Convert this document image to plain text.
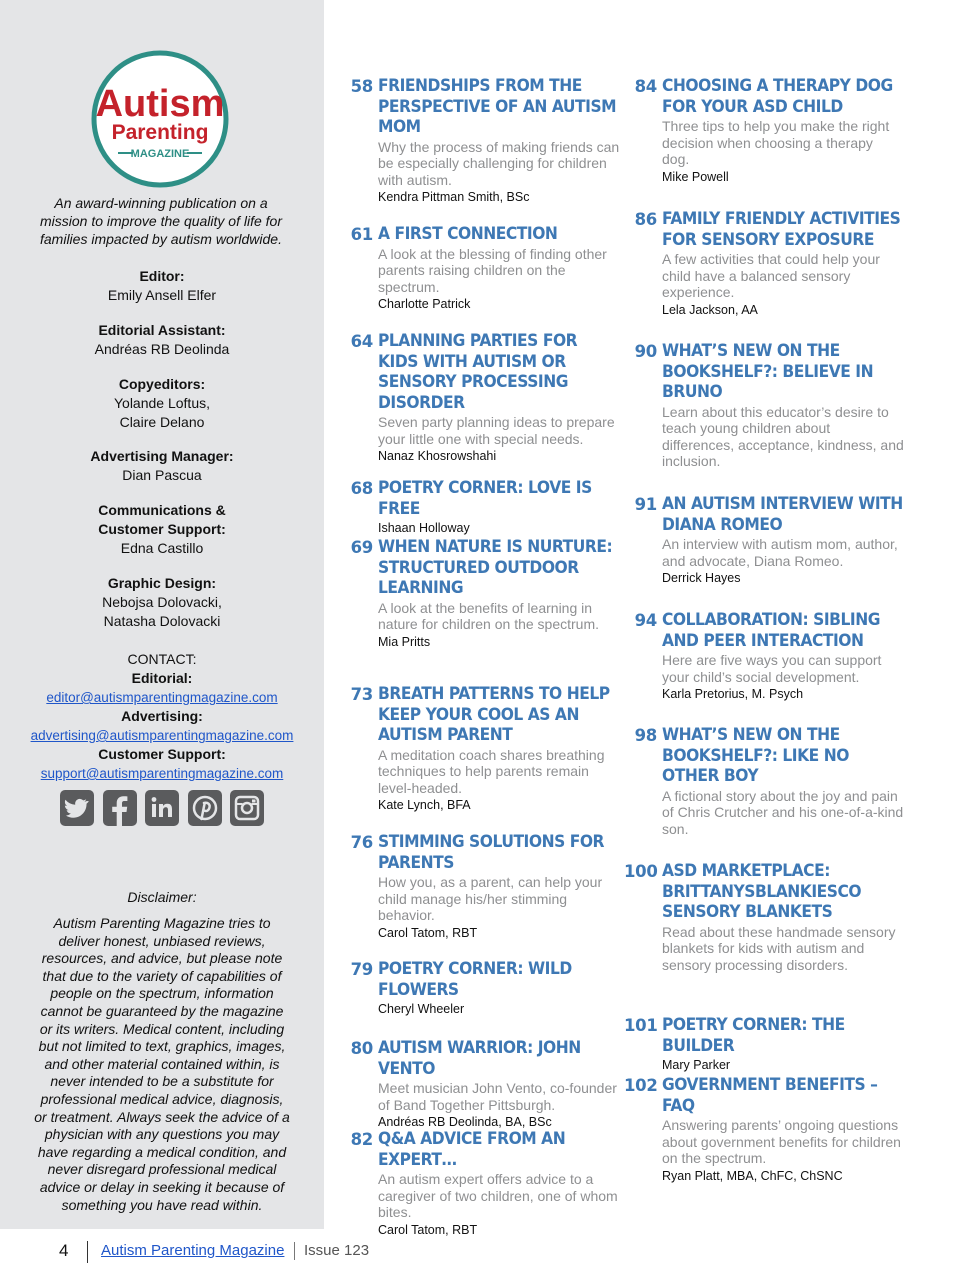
Autism
Parenting
MAGAZINE
An award-winning publication on a mission to improve the quality of life for families impacted by autism worldwide.
Editor:
Emily Ansell Elfer
Editorial Assistant:
Andréas RB Deolinda
Copyeditors:
Yolande Loftus,
Claire Delano
Advertising Manager:
Dian Pascua
Communications &
Customer Support:
Edna Castillo
Graphic Design:
Nebojsa Dolovacki,
Natasha Dolovacki
CONTACT:
Editorial:
editor@autismparentingmagazine.com
Advertising:
advertising@autismparentingmagazine.com
Customer Support:
support@autismparentingmagazine.com
Disclaimer:
Autism Parenting Magazine tries to deliver honest, unbiased reviews, resources, and advice, but please note that due to the variety of capabilities of people on the spectrum, information cannot be guaranteed by the magazine or its writers. Medical content, including but not limited to text, graphics, images, and other material contained within, is never intended to be a substitute for professional medical advice, diagnosis, or treatment. Always seek the advice of a physician with any questions you may have regarding a medical condition, and never disregard professional medical advice or delay in seeking it because of something you have read within.
58 FRIENDSHIPS FROM THE PERSPECTIVE OF AN AUTISM MOM
Why the process of making friends can be especially challenging for children with autism.
Kendra Pittman Smith, BSc
61 A FIRST CONNECTION
A look at the blessing of finding other parents raising children on the spectrum.
Charlotte Patrick
64 PLANNING PARTIES FOR KIDS WITH AUTISM OR SENSORY PROCESSING DISORDER
Seven party planning ideas to prepare your little one with special needs.
Nanaz Khosrowshahi
68 POETRY CORNER: LOVE IS FREE
Ishaan Holloway
69 WHEN NATURE IS NURTURE: STRUCTURED OUTDOOR LEARNING
A look at the benefits of learning in nature for children on the spectrum.
Mia Pritts
73 BREATH PATTERNS TO HELP KEEP YOUR COOL AS AN AUTISM PARENT
A meditation coach shares breathing techniques to help parents remain level-headed.
Kate Lynch, BFA
76 STIMMING SOLUTIONS FOR PARENTS
How you, as a parent, can help your child manage his/her stimming behavior.
Carol Tatom, RBT
79 POETRY CORNER: WILD FLOWERS
Cheryl Wheeler
80 AUTISM WARRIOR: JOHN VENTO
Meet musician John Vento, co-founder of Band Together Pittsburgh.
Andréas RB Deolinda, BA, BSc
82 Q&A ADVICE FROM AN EXPERT…
An autism expert offers advice to a caregiver of two children, one of whom bites.
Carol Tatom, RBT
84 CHOOSING A THERAPY DOG FOR YOUR ASD CHILD
Three tips to help you make the right decision when choosing a therapy dog.
Mike Powell
86 FAMILY FRIENDLY ACTIVITIES FOR SENSORY EXPOSURE
A few activities that could help your child have a balanced sensory experience.
Lela Jackson, AA
90 WHAT’S NEW ON THE BOOKSHELF?: BELIEVE IN BRUNO
Learn about this educator’s desire to teach young children about differences, acceptance, kindness, and inclusion.
91 AN AUTISM INTERVIEW WITH DIANA ROMEO
An interview with autism mom, author, and advocate, Diana Romeo.
Derrick Hayes
94 COLLABORATION: SIBLING AND PEER INTERACTION
Here are five ways you can support your child’s social development.
Karla Pretorius, M. Psych
98 WHAT’S NEW ON THE BOOKSHELF?: LIKE NO OTHER BOY
A fictional story about the joy and pain of Chris Crutcher and his one-of-a-kind son.
100 ASD MARKETPLACE: BRITTANYSBLANKIESCO SENSORY BLANKETS
Read about these handmade sensory blankets for kids with autism and sensory processing disorders.
101 POETRY CORNER: THE BUILDER
Mary Parker
102 GOVERNMENT BENEFITS – FAQ
Answering parents’ ongoing questions about government benefits for children on the spectrum.
Ryan Platt, MBA, ChFC, ChSNC
4 Autism Parenting Magazine Issue 123
